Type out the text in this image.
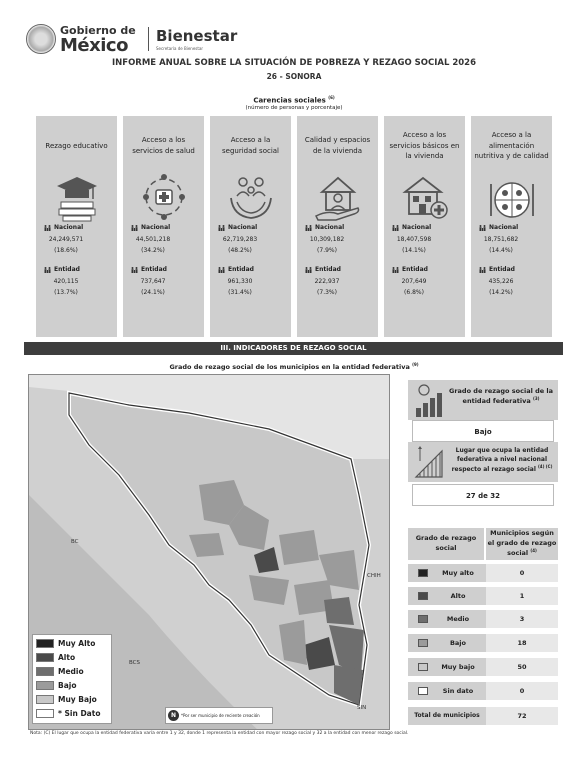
Gobierno de
México Bienestar
Secretaría de Bienestar
INFORME ANUAL SOBRE LA SITUACIÓN DE POBREZA Y REZAGO SOCIAL 2026
26 - SONORA
Carencias sociales $^{(6)}$
(número de personas y porcentaje)
Rezago educativo
Nacional
24,249,571
(18.6%)
Entidad
420,115
(13.7%)
Acceso a los servicios de salud
Nacional
44,501,218
(34.2%)
Entidad
737,647
(24.1%)
Acceso a la seguridad social
Nacional
62,719,283
(48.2%)
Entidad
961,330
(31.4%)
Calidad y espacios de la vivienda
Nacional
10,309,182
(7.9%)
Entidad
222,937
(7.3%)
Acceso a los servicios básicos en la vivienda
Nacional
18,407,598
(14.1%)
Entidad
207,649
(6.8%)
Acceso a la alimentación nutritiva y de calidad
Nacional
18,751,682
(14.4%)
Entidad
435,226
(14.2%)
III. INDICADORES DE REZAGO SOCIAL
Grado de rezago social de los municipios en la entidad federativa $^{(9)}$
BC
CHIH
BCS
SIN
Muy Alto
Alto
Medio
Bajo
Muy Bajo
* Sin Dato	N	*Por ser municipio de reciente creación
Grado de rezago social de la entidad federativa $^{(3)}$
Bajo
Lugar que ocupa la entidad federativa a nivel nacional respecto al rezago social $^{(4) (C)}$
27 de 32
Grado de rezago social
Municipios según el grado de rezago social $^{(4)}$
Muy alto	0
Alto	1
Medio	3
Bajo	18
Muy bajo	50
Sin dato	0
Total de municipios	72
Nota: (C) El lugar que ocupa la entidad federativa varía entre 1 y 32, donde 1 representa la entidad con mayor rezago social y 32 a la entidad con menor rezago social.
